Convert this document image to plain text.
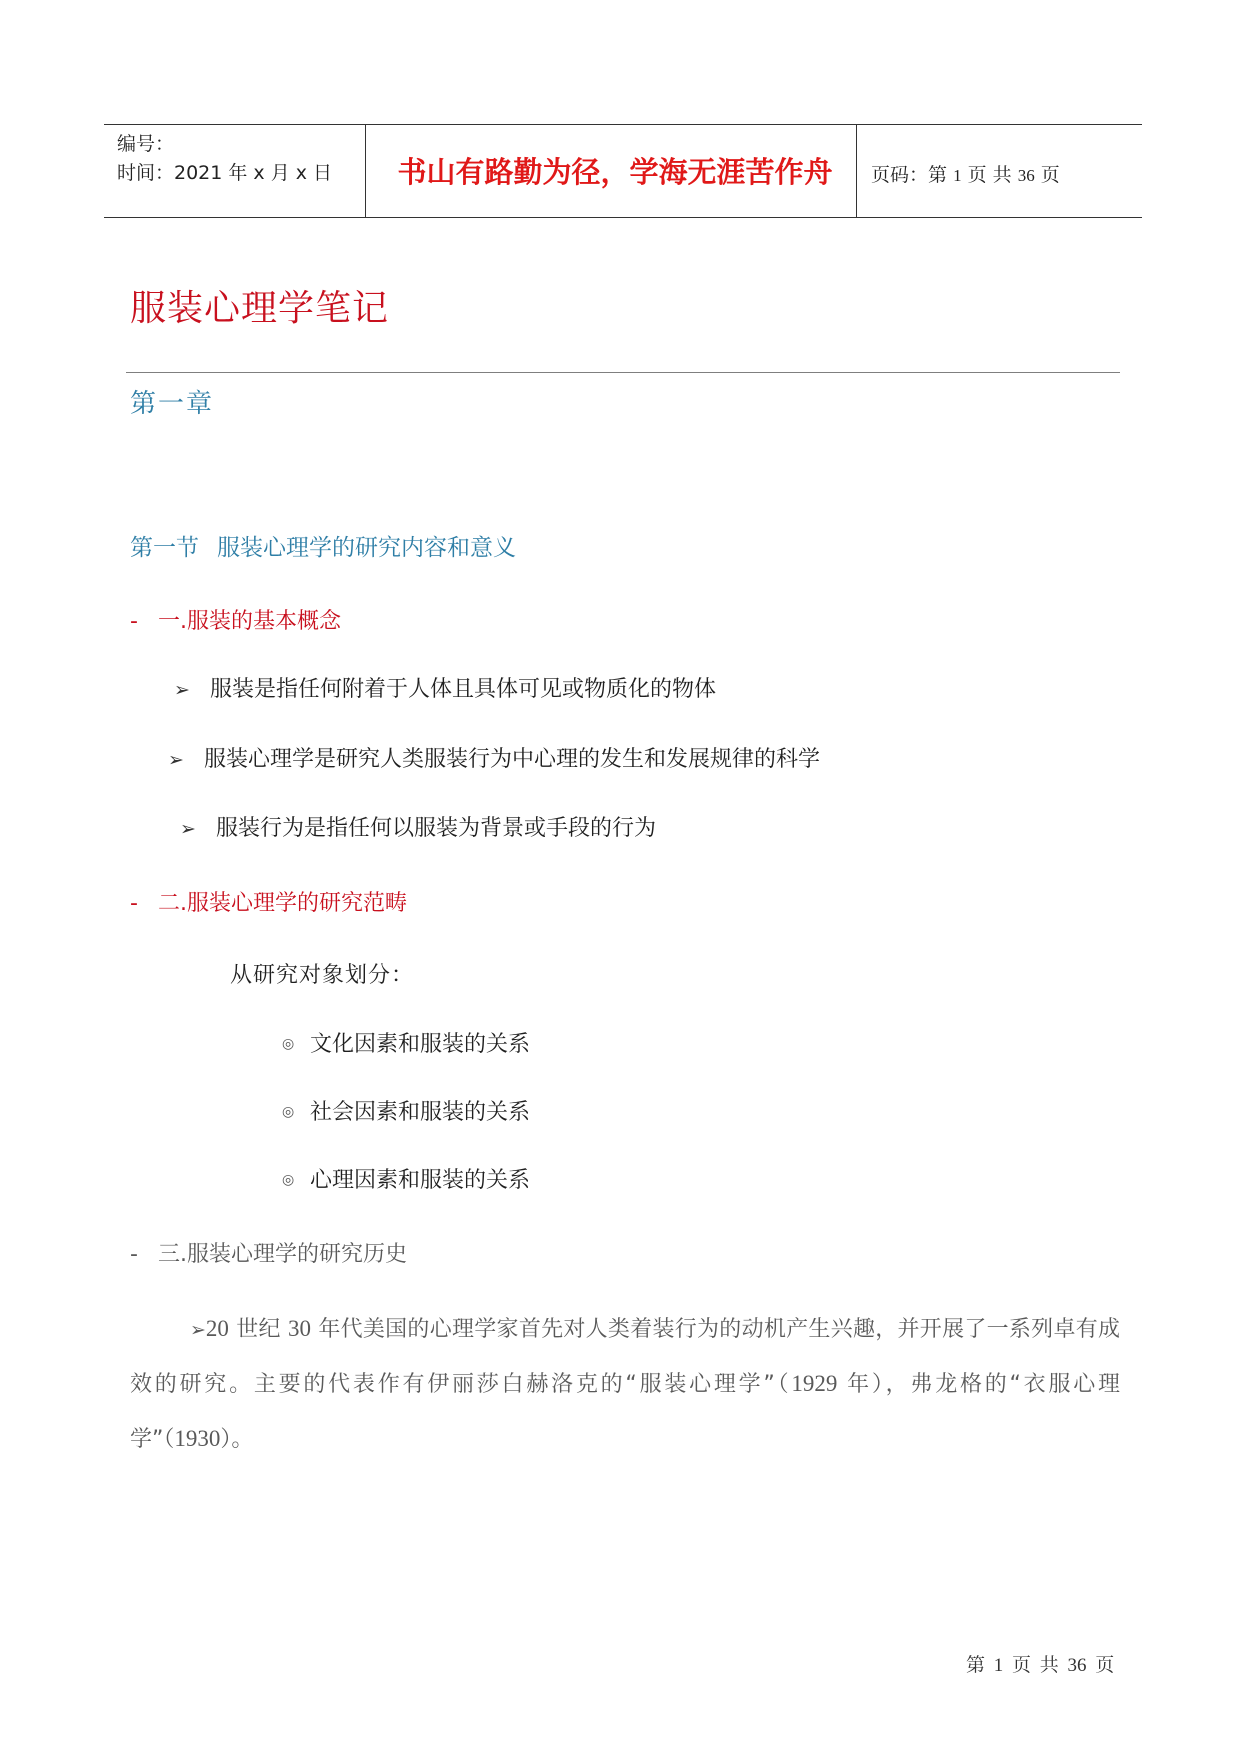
编号：
时间：2021 年 x 月 x 日	书山有路勤为径，学海无涯苦作舟	页码：第 1 页 共 36 页
服装心理学笔记
第一章
第一节 服装心理学的研究内容和意义
- 一.服装的基本概念
➢ 服装是指任何附着于人体且具体可见或物质化的物体
➢ 服装心理学是研究人类服装行为中心理的发生和发展规律的科学
➢ 服装行为是指任何以服装为背景或手段的行为
- 二.服装心理学的研究范畴
从研究对象划分：
◎ 文化因素和服装的关系
◎ 社会因素和服装的关系
◎ 心理因素和服装的关系
- 三.服装心理学的研究历史
➢20 世纪 30 年代美国的心理学家首先对人类着装行为的动机产生兴趣，并开展了一系列卓有成效的研究。主要的代表作有伊丽莎白赫洛克的“服装心理学”（1929 年），弗龙格的“衣服心理学”（1930）。
第 1 页 共 36 页
